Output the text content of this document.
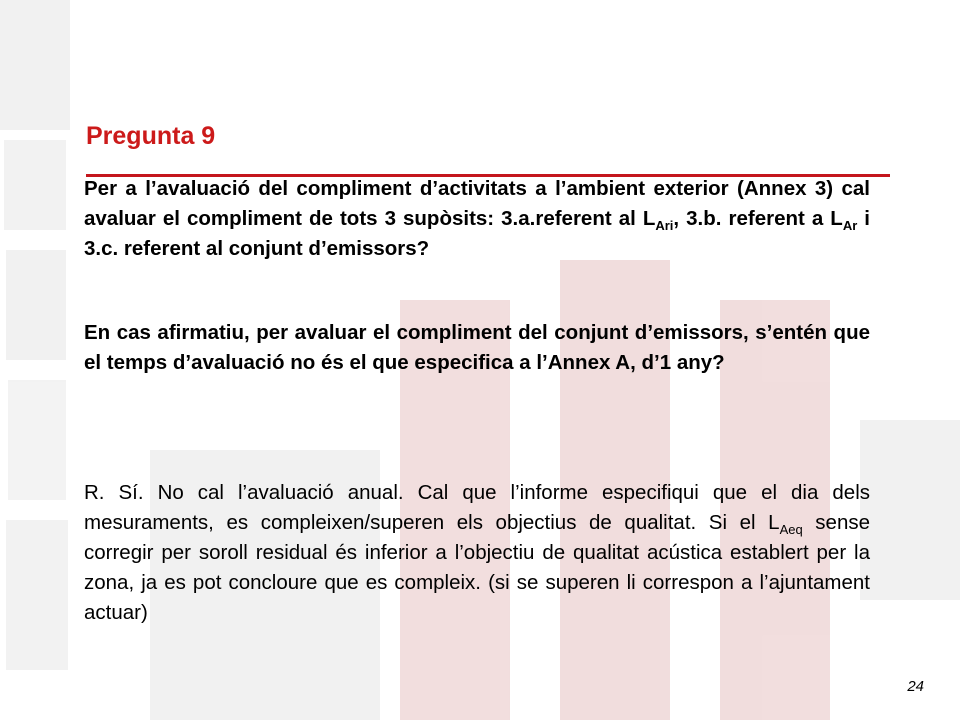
Pregunta 9
Per a l’avaluació del compliment d’activitats a l’ambient exterior (Annex 3) cal avaluar el compliment de tots 3 supòsits: 3.a.referent al $L_{Ari}$, 3.b. referent a $L_{Ar}$ i 3.c. referent al conjunt d’emissors?
En cas afirmatiu, per avaluar el compliment del conjunt d’emissors, s’entén que el temps d’avaluació no és el que especifica a l’Annex A, d’1 any?
R. Sí. No cal l’avaluació anual. Cal que l’informe especifiqui que el dia dels mesuraments, es compleixen/superen els objectius de qualitat. Si el $L_{Aeq}$ sense corregir per soroll residual és inferior a l’objectiu de qualitat acústica establert per la zona, ja es pot concloure que es compleix. (si se superen li correspon a l’ajuntament actuar)
24
